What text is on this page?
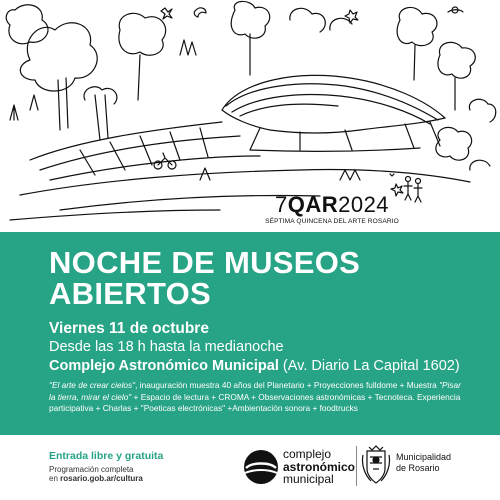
7QAR2024
SÉPTIMA QUINCENA DEL ARTE ROSARIO
NOCHE DE MUSEOS
ABIERTOS

Viernes 11 de octubre

Desde las 18 h hasta la medianoche

Complejo Astronómico Municipal (Av. Diario La Capital 1602)

"El arte de crear cielos", inauguración muestra 40 años del Planetario + Proyecciones fulldome + Muestra "Pisar la tierra, mirar el cielo" + Espacio de lectura + CROMA + Observaciones astronómicas + Tecnoteca. Experiencia participativa + Charlas + "Poeticas electrónicas" +Ambientación sonora + foodtrucks

Entrada libre y gratuita

Programación completa

en rosario.gob.ar/cultura

complejo
astronómico
municipal

Municipalidad
de Rosario
